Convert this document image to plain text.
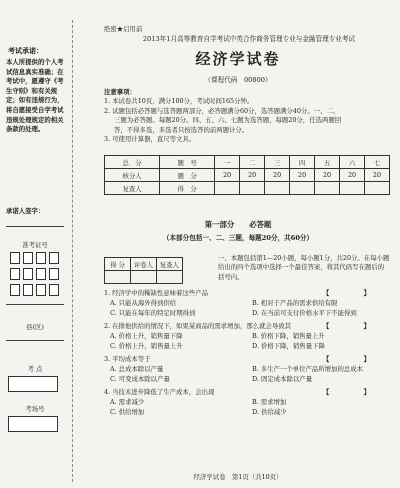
考试承诺：
本人所提供的个人考试信息真实准确；在考试中，愿遵守《考生守则》和有关规定；如有违规行为，将自愿接受自学考试违规处理规定的相关条款的处理。
承诺人签字：
准考证号
县(区)
考 点
考场号
绝密★启用前
2013年1月高等教育自学考试中英合作商务管理专业与金融管理专业考试
经济学试卷
（课程代码　00800）
注意事项：
1. 本试卷共10页，满分100分，考试时间165分钟。
2. 试题包括必答题与选答题两部分，必答题满分60分，选答题满分40分。一、二、
三题为必答题。每题20分。四、五、六、七题为选答题，每题20分，任选两题回
答，不得多选，多选者只按选答的前两题计分。
3. 可使用计算器，直尺等文具。
总　分	题　号	一	二	三	四	五	六	七
核分人	题　分	20	20	20	20	20	20	20
复查人	得　分							
第一部分　　必答题
（本部分包括一、二、三题，每题20分，共60分）
得 分	评卷人	复查人

一、本题包括第1—20小题，每小题1分，共20分。在每小题给出的四个选项中选择一个最佳答案，将其代码写在题后的括号内。
1. 经济学中的稀缺性意味着这些产品	【　】
A. 只能从海外得到供给	B. 相对于产品的需求供给有限
C. 只能在每年的特定时期得到	D. 在当前可支付价格水平下不能得到
2. 在排他供给的情况下，如果某商品的需求增加，那么就会导致其	【　】
A. 价格上升，销售量下降	B. 价格下降，销售量上升
C. 价格上升，销售量上升	D. 价格下降，销售量下降
3. 平均成本等于	【　】
A. 总成本除以产量	B. 多生产一个单位产品所增加的总成本
C. 可变成本除以产量	D. 固定成本除以产量
4. 当技术进步降低了生产成本，会出现	【　】
A. 需求减少	B. 需求增加
C. 供给增加	D. 供给减少
经济学试卷　第1页（共10页）
